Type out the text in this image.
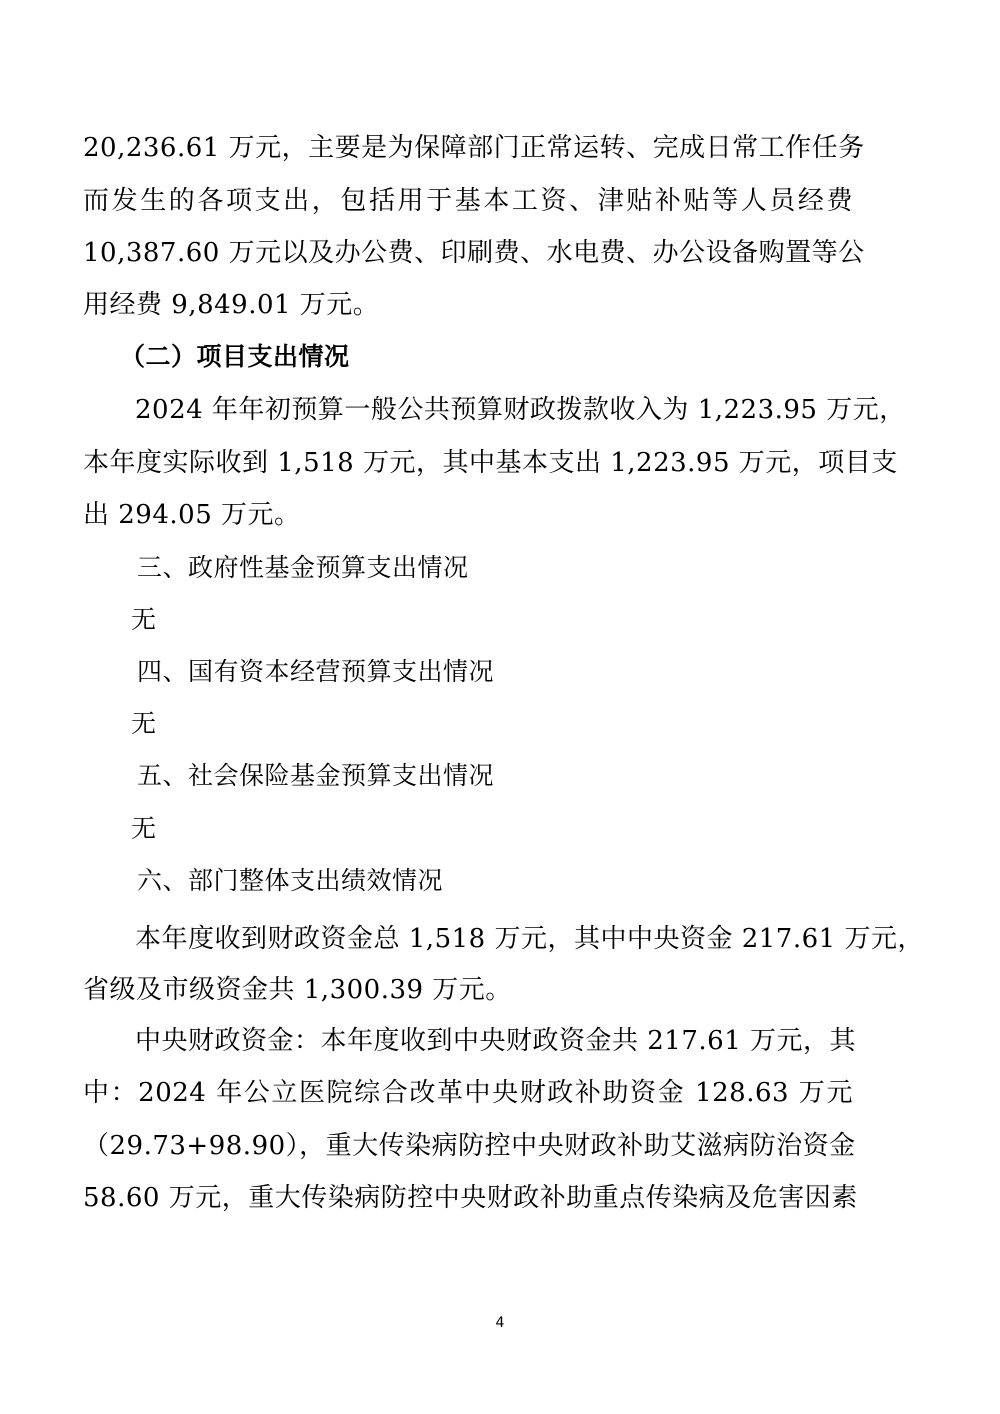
20,236.61 万元，主要是为保障部门正常运转、完成日常工作任务
而发生的各项支出，包括用于基本工资、津贴补贴等人员经费
10,387.60 万元以及办公费、印刷费、水电费、办公设备购置等公
用经费 9,849.01 万元。
（二）项目支出情况
2024 年年初预算一般公共预算财政拨款收入为 1,223.95 万元，
本年度实际收到 1,518 万元，其中基本支出 1,223.95 万元，项目支
出 294.05 万元。
三、政府性基金预算支出情况
无
四、国有资本经营预算支出情况
无
五、社会保险基金预算支出情况
无
六、部门整体支出绩效情况
本年度收到财政资金总 1,518 万元，其中中央资金 217.61 万元，
省级及市级资金共 1,300.39 万元。
中央财政资金：本年度收到中央财政资金共 217.61 万元，其
中：2024 年公立医院综合改革中央财政补助资金 128.63 万元
（29.73+98.90），重大传染病防控中央财政补助艾滋病防治资金
58.60 万元，重大传染病防控中央财政补助重点传染病及危害因素
4
